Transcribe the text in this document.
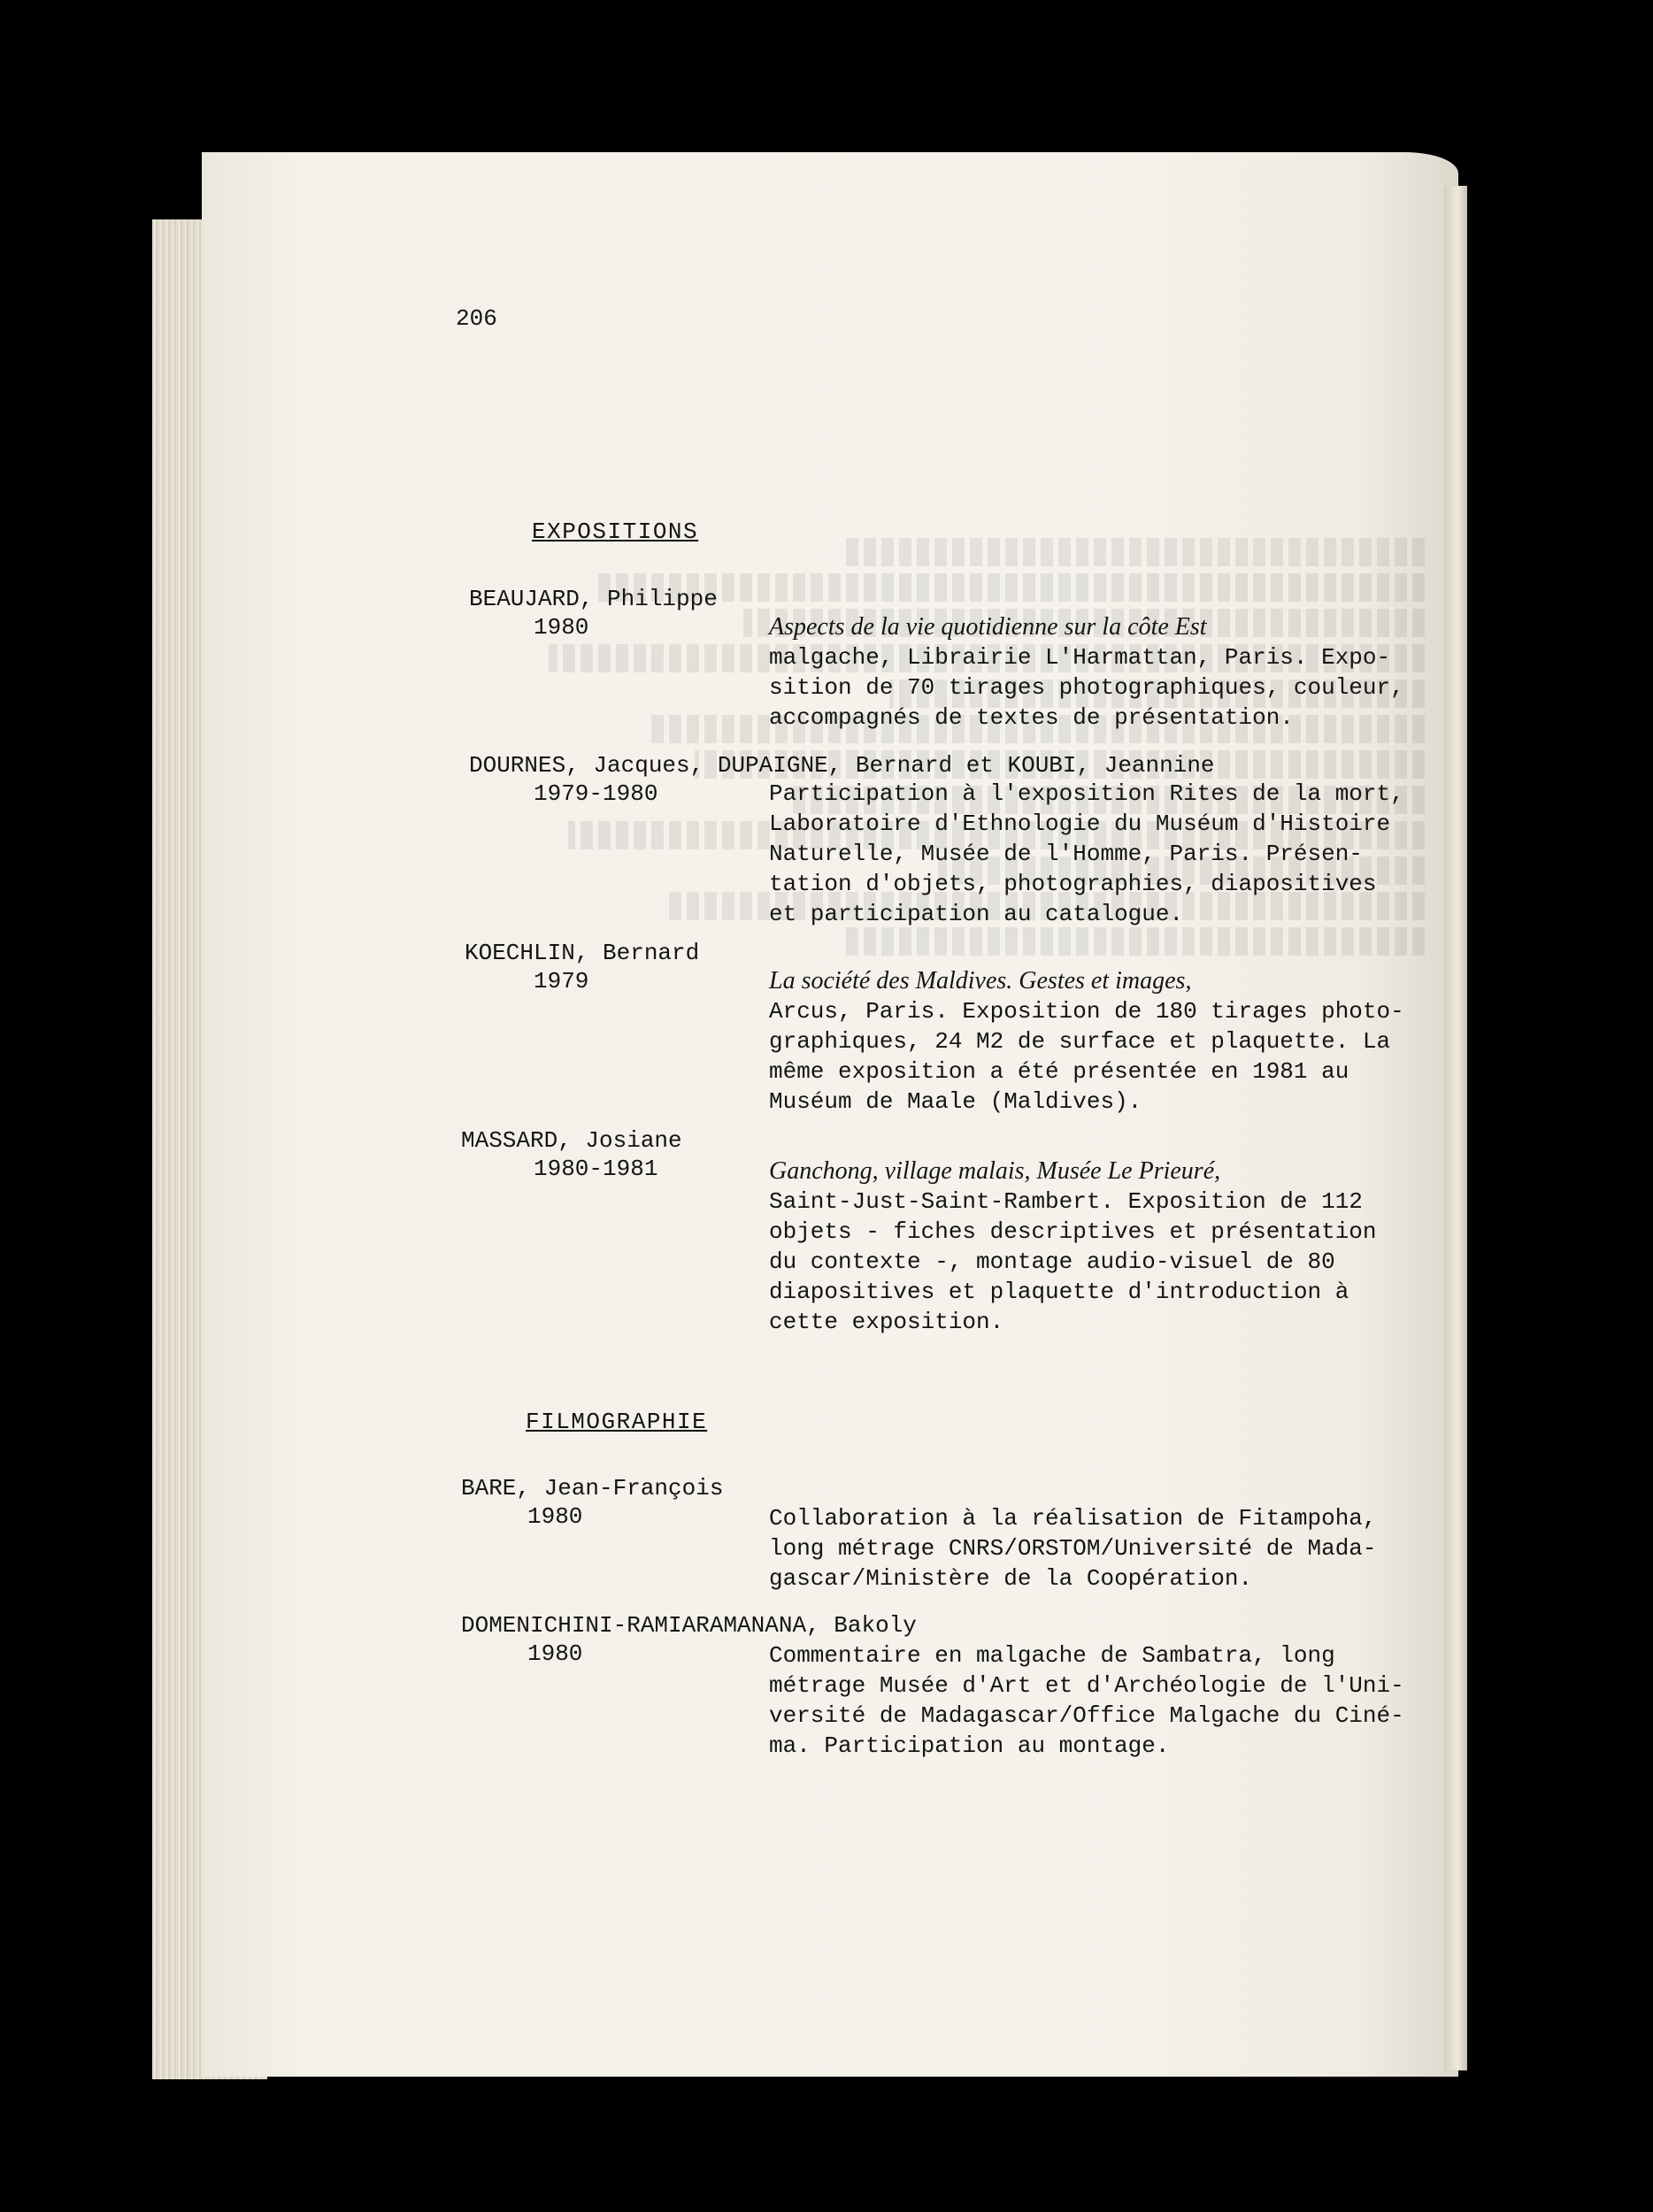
206
EXPOSITIONS
BEAUJARD, Philippe
1980	Aspects de la vie quotidienne sur la côte Est
malgache, Librairie L'Harmattan, Paris. Expo-
sition de 70 tirages photographiques, couleur,
accompagnés de textes de présentation.
DOURNES, Jacques, DUPAIGNE, Bernard et KOUBI, Jeannine
1979-1980	Participation à l'exposition Rites de la mort,
Laboratoire d'Ethnologie du Muséum d'Histoire
Naturelle, Musée de l'Homme, Paris. Présen-
tation d'objets, photographies, diapositives
et participation au catalogue.
KOECHLIN, Bernard
1979	La société des Maldives. Gestes et images,
Arcus, Paris. Exposition de 180 tirages photo-
graphiques, 24 M2 de surface et plaquette. La
même exposition a été présentée en 1981 au
Muséum de Maale (Maldives).
MASSARD, Josiane
1980-1981	Ganchong, village malais, Musée Le Prieuré,
Saint-Just-Saint-Rambert. Exposition de 112
objets - fiches descriptives et présentation
du contexte -, montage audio-visuel de 80
diapositives et plaquette d'introduction à
cette exposition.
FILMOGRAPHIE
BARE, Jean-François
1980	Collaboration à la réalisation de Fitampoha,
long métrage CNRS/ORSTOM/Université de Mada-
gascar/Ministère de la Coopération.
DOMENICHINI-RAMIARAMANANA, Bakoly
1980	Commentaire en malgache de Sambatra, long
métrage Musée d'Art et d'Archéologie de l'Uni-
versité de Madagascar/Office Malgache du Ciné-
ma. Participation au montage.
